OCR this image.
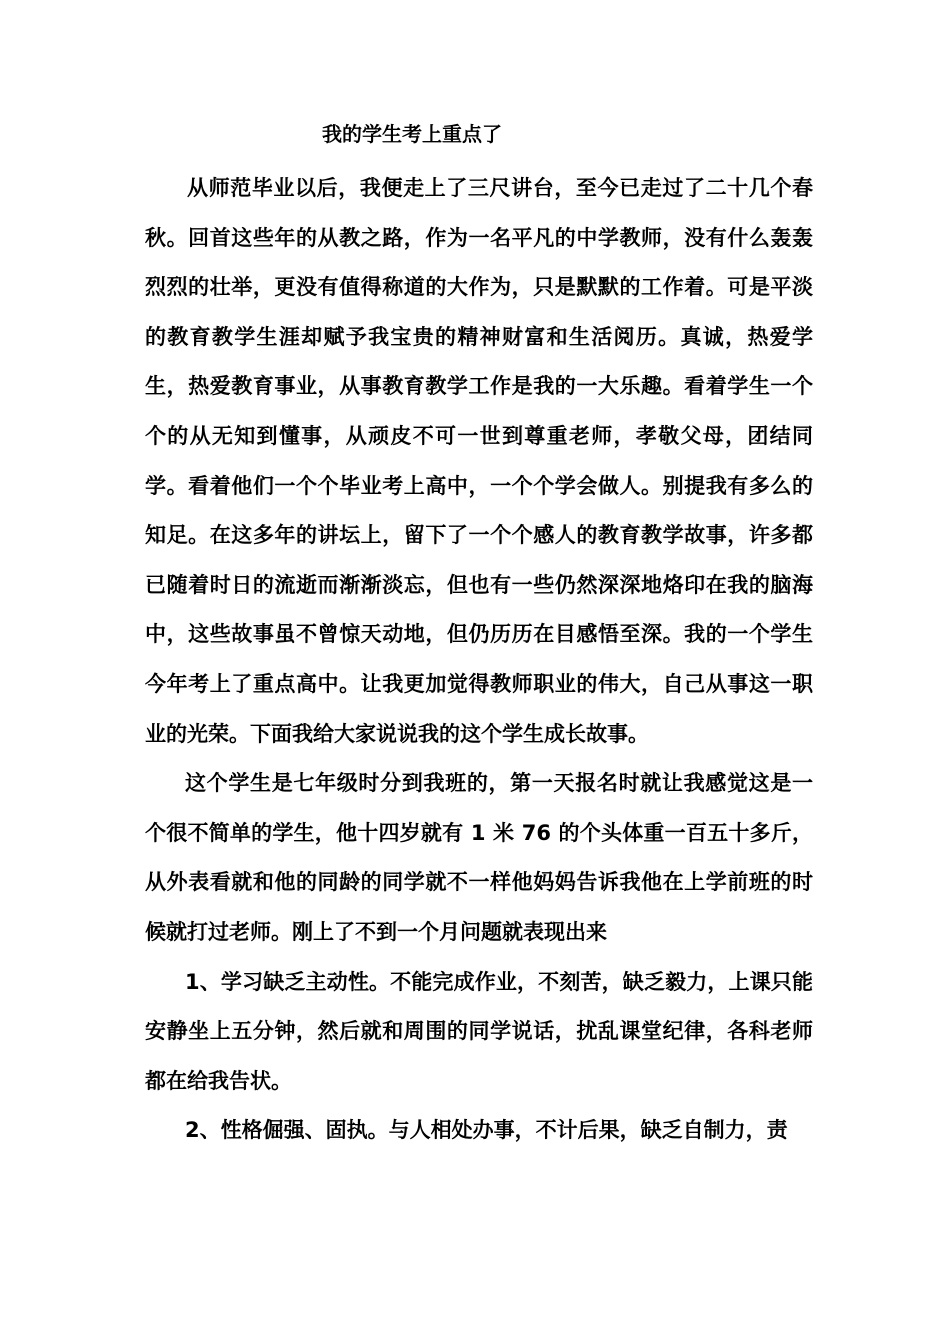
我的学生考上重点了

从师范毕业以后，我便走上了三尺讲台，至今已走过了二十几个春秋。回首这些年的从教之路，作为一名平凡的中学教师，没有什么轰轰烈烈的壮举，更没有值得称道的大作为，只是默默的工作着。可是平淡的教育教学生涯却赋予我宝贵的精神财富和生活阅历。真诚，热爱学生，热爱教育事业，从事教育教学工作是我的一大乐趣。看着学生一个个的从无知到懂事，从顽皮不可一世到尊重老师，孝敬父母，团结同学。看着他们一个个毕业考上高中，一个个学会做人。别提我有多么的知足。在这多年的讲坛上，留下了一个个感人的教育教学故事，许多都已随着时日的流逝而渐渐淡忘，但也有一些仍然深深地烙印在我的脑海中，这些故事虽不曾惊天动地，但仍历历在目感悟至深。我的一个学生今年考上了重点高中。让我更加觉得教师职业的伟大，自己从事这一职业的光荣。下面我给大家说说我的这个学生成长故事。

这个学生是七年级时分到我班的，第一天报名时就让我感觉这是一个很不简单的学生，他十四岁就有 1 米 76 的个头体重一百五十多斤，从外表看就和他的同龄的同学就不一样他妈妈告诉我他在上学前班的时候就打过老师。刚上了不到一个月问题就表现出来

1、学习缺乏主动性。不能完成作业，不刻苦，缺乏毅力，上课只能安静坐上五分钟，然后就和周围的同学说话，扰乱课堂纪律，各科老师都在给我告状。

2、性格倔强、固执。与人相处办事，不计后果，缺乏自制力，责
